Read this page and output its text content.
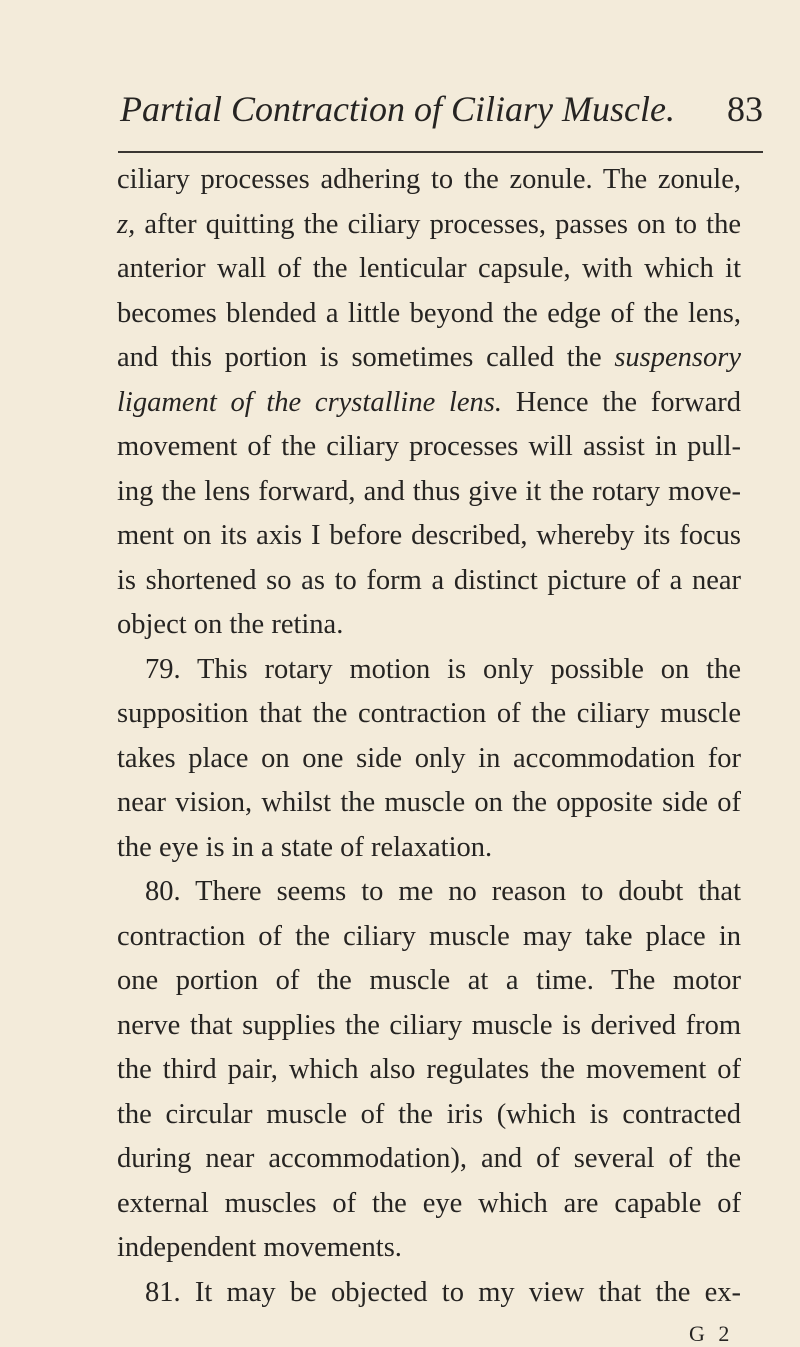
Partial Contraction of Ciliary Muscle. 83
ciliary processes adhering to the zonule. The zonule,
z, after quitting the ciliary processes, passes on to the
anterior wall of the lenticular capsule, with which it
becomes blended a little beyond the edge of the lens,
and this portion is sometimes called the suspensory
ligament of the crystalline lens. Hence the forward
movement of the ciliary processes will assist in pull-
ing the lens forward, and thus give it the rotary move-
ment on its axis I before described, whereby its focus
is shortened so as to form a distinct picture of a near
object on the retina.
79. This rotary motion is only possible on the
supposition that the contraction of the ciliary muscle
takes place on one side only in accommodation for
near vision, whilst the muscle on the opposite side of
the eye is in a state of relaxation.
80. There seems to me no reason to doubt that
contraction of the ciliary muscle may take place in
one portion of the muscle at a time. The motor
nerve that supplies the ciliary muscle is derived from
the third pair, which also regulates the movement of
the circular muscle of the iris (which is contracted
during near accommodation), and of several of the
external muscles of the eye which are capable of
independent movements.
81. It may be objected to my view that the ex-
G 2
